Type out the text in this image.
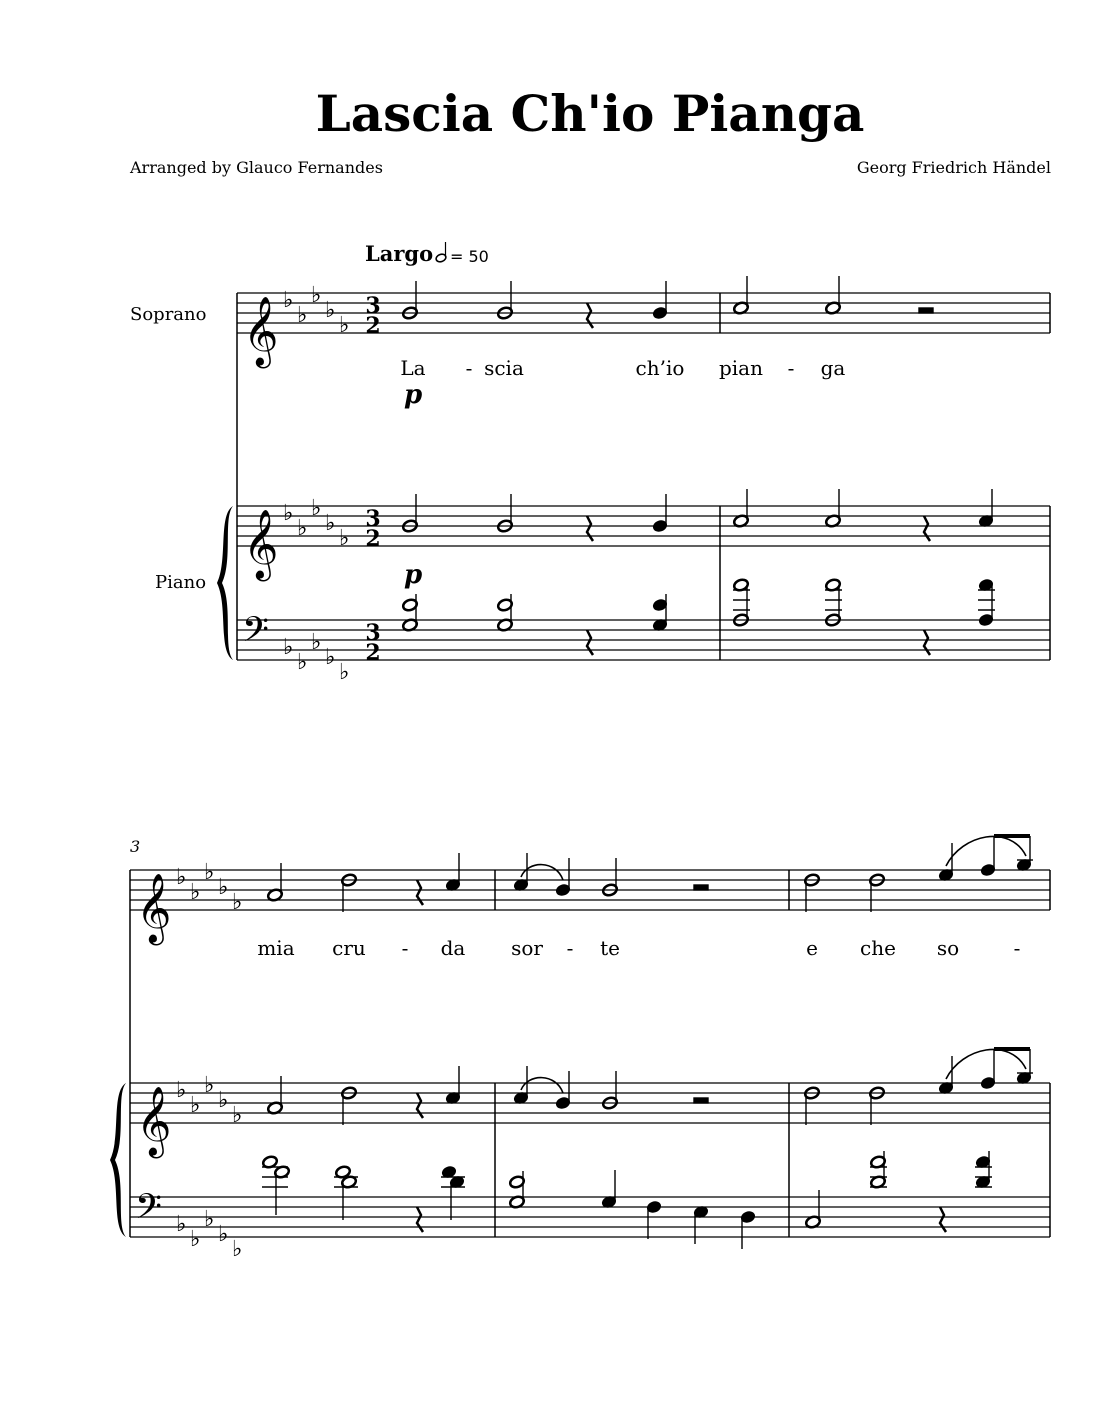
Lascia Ch'io Pianga
Arranged by Glauco Fernandes	Georg Friedrich Händel
Largo = 50
Soprano
Piano
3
𝄞
𝄞
𝄢
♭
♭
♭
♭
♭
♭
♭
♭
♭
♭
♭
♭
♭
♭
♭
3
2
3
2
3
2
p
p
𝄞
𝄞
𝄢
♭
♭
♭
♭
♭
♭
♭
♭
♭
♭
♭
♭
♭
♭
♭
La - scia	ch’io pian - ga
mia cru - da sor - te	e che so	-
